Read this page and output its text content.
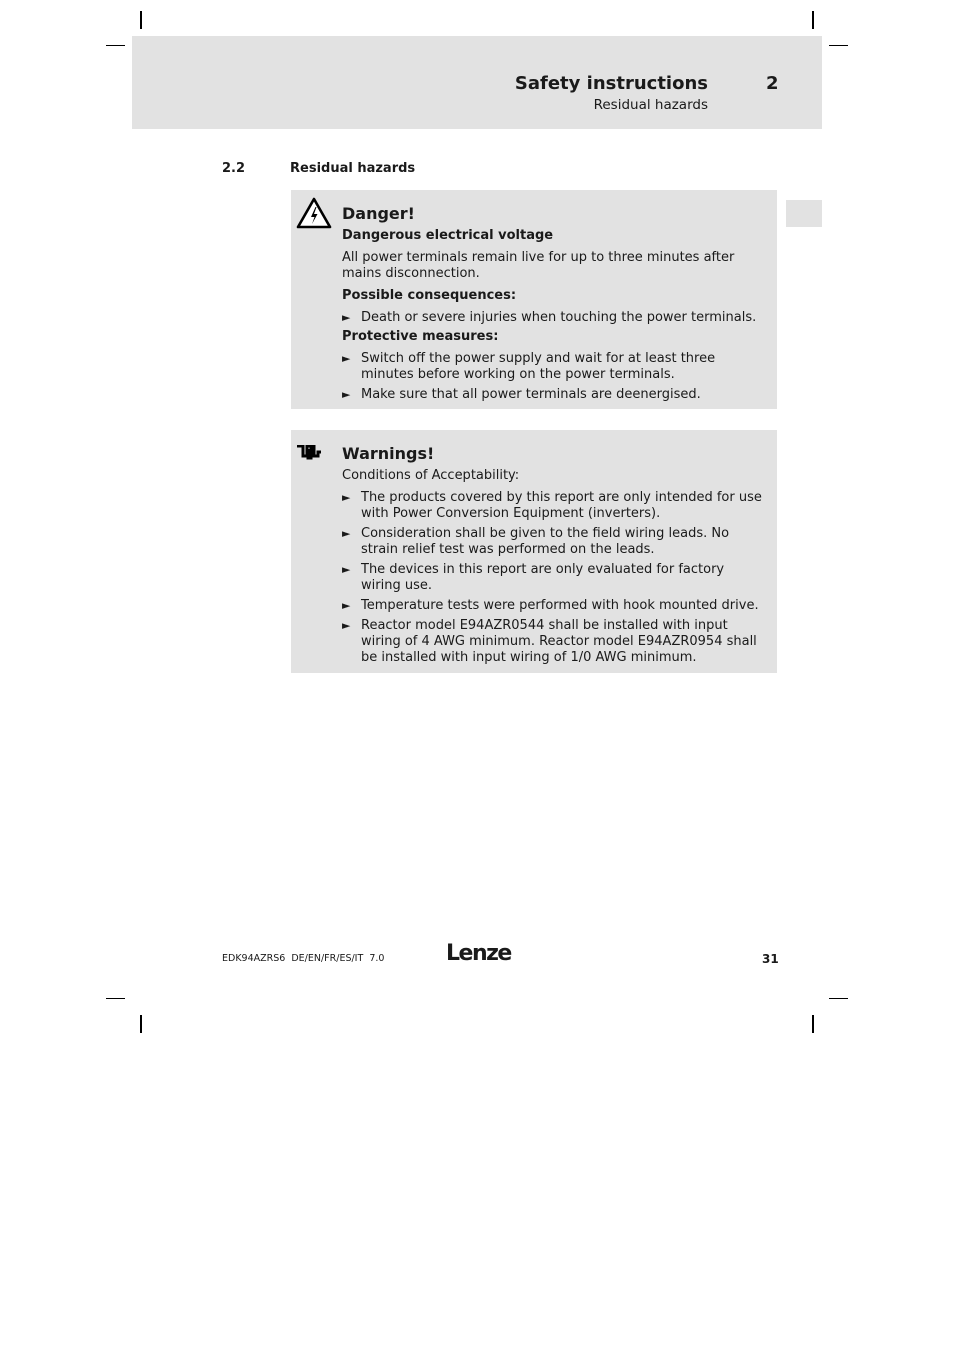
Safety instructions	2
Residual hazards
2.2	Residual hazards
Danger!
Dangerous electrical voltage
All power terminals remain live for up to three minutes after mains disconnection.
Possible consequences:
► Death or severe injuries when touching the power terminals.
Protective measures:
► Switch off the power supply and wait for at least three minutes before working on the power terminals.
► Make sure that all power terminals are deenergised.
Warnings!
Conditions of Acceptability:
► The products covered by this report are only intended for use with Power Conversion Equipment (inverters).
► Consideration shall be given to the field wiring leads. No strain relief test was performed on the leads.
► The devices in this report are only evaluated for factory wiring use.
► Temperature tests were performed with hook mounted drive.
► Reactor model E94AZR0544 shall be installed with input wiring of 4 AWG minimum. Reactor model E94AZR0954 shall be installed with input wiring of 1/0 AWG minimum.
EDK94AZRS6  DE/EN/FR/ES/IT  7.0	Lenze	31
